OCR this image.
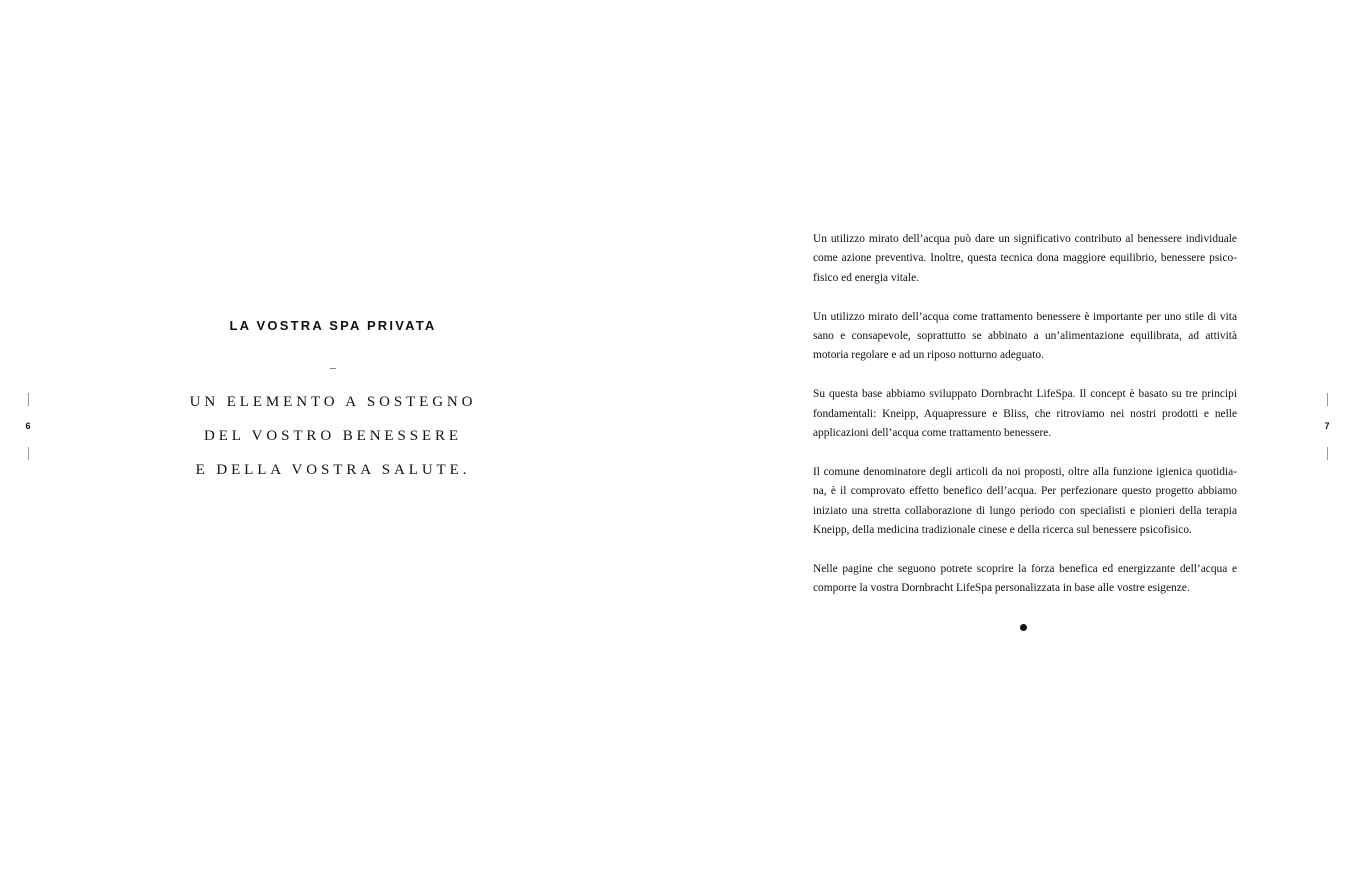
6
LA VOSTRA SPA PRIVATA
–
UN ELEMENTO A SOSTEGNO
DEL VOSTRO BENESSERE
E DELLA VOSTRA SALUTE.
7

Un utilizzo mirato dell’acqua può dare un significativo contributo al benessere individuale come azione preventiva. Inoltre, questa tecnica dona maggiore equilibrio, benessere psico-fisico ed energia vitale.

Un utilizzo mirato dell’acqua come trattamento benessere è importante per uno stile di vita sano e consapevole, soprattutto se abbinato a un’alimentazione equilibrata, ad attività motoria regolare e ad un riposo notturno adeguato.

Su questa base abbiamo sviluppato Dornbracht LifeSpa. Il concept è basato su tre principi fondamentali: Kneipp, Aquapressure e Bliss, che ritroviamo nei nostri prodotti e nelle applicazioni dell’acqua come trattamento benessere.

Il comune denominatore degli articoli da noi proposti, oltre alla funzione igienica quotidia-na, è il comprovato effetto benefico dell’acqua. Per perfezionare questo progetto abbiamo iniziato una stretta collaborazione di lungo periodo con specialisti e pionieri della terapia Kneipp, della medicina tradizionale cinese e della ricerca sul benessere psicofisico.

Nelle pagine che seguono potrete scoprire la forza benefica ed energizzante dell’acqua e comporre la vostra Dornbracht LifeSpa personalizzata in base alle vostre esigenze.
